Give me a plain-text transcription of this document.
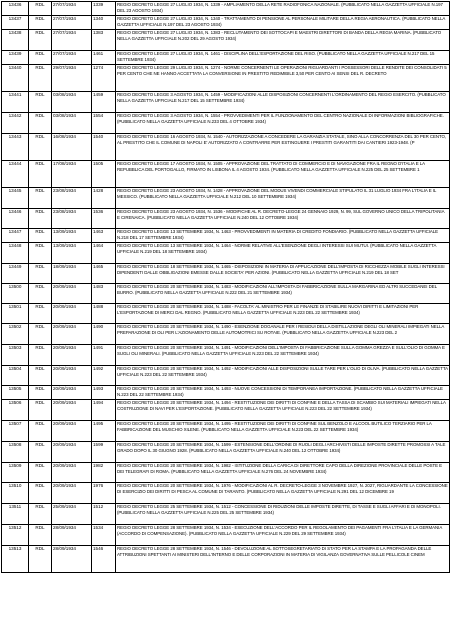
13436	RDL	27/07/1934	1339	REGIO DECRETO LEGGE 27 LUGLIO 1934, N. 1339 - AMPLIAMENTO DELLA RETE RADIOFONICA NAZIONALE. (PUBBLICATO NELLA GAZZETTA UFFICIALE N.197 DEL 23 AGOSTO 1934)
13437	RDL	27/07/1934	1340	REGIO DECRETO LEGGE 27 LUGLIO 1934, N. 1340 - TRATTAMENTO DI PENSIONE AL PERSONALE MILITARE DELLA REGIA AERONAUTICA. (PUBBLICATO NELLA GAZZETTA UFFICIALE N.197 DEL 23 AGOSTO 1934)
13438	RDL	27/07/1934	1383	REGIO DECRETO LEGGE 27 LUGLIO 1934, N. 1383 - RECLUTAMENTO DEI SOTTOCAPI E MAESTRI DIRETTORI DI BANDA DELLA REGIA MARINA. (PUBBLICATO NELLA GAZZETTA UFFICIALE N.202 DEL 29 AGOSTO 1934)
13439	RDL	27/07/1934	1461	REGIO DECRETO LEGGE 27 LUGLIO 1934, N. 1461 - DISCIPLINA DELL'ESPORTAZIONE DEL RISO. (PUBBLICATO NELLA GAZZETTA UFFICIALE N.217 DEL 15 SETTEMBRE 1934)
13440	RDL	29/07/1934	1274	REGIO DECRETO LEGGE 29 LUGLIO 1934, N. 1274 - NORME CONCERNENTI LE OPERAZIONI RIGUARDANTI I POSSESSORI DELLE RENDITE DEI CONSOLIDATI 5 PER CENTO CHE NE HANNO ACCETTATA LA CONVERSIONE IN PRESTITO REDIMIBILE 3,50 PER CENTO AI SENSI DEL R. DECRETO
13441	RDL	03/08/1934	1459	REGIO DECRETO LEGGE 3 AGOSTO 1934, N. 1459 - MODIFICAZIONI ALLE DISPOSIZIONI CONCERNENTI L'ORDINAMENTO DEL REGIO ESERCITO. (PUBBLICATO NELLA GAZZETTA UFFICIALE N.217 DEL 15 SETTEMBRE 1934)
13442	RDL	03/08/1934	1554	REGIO DECRETO LEGGE 3 AGOSTO 1934, N. 1554 - PROVVEDIMENTI PER IL FUNZIONAMENTO DEL CENTRO NAZIONALE DI INFORMAZIONI BIBLIOGRAFICHE. (PUBBLICATO NELLA GAZZETTA UFFICIALE N.233 DEL 4 OTTOBRE 1934)
13443	RDL	16/08/1934	1540	REGIO DECRETO LEGGE 16 AGOSTO 1934, N. 1540 - AUTORIZZAZIONE A CONCEDERE LA GARANZIA STATALE, SINO ALLA CONCORRENZA DEL 30 PER CENTO, AL PRESTITO CHE IL COMUNE DI NAPOLI E' AUTORIZZATO A CONTRARRE PER ESTINGUERE I PRESTITI GARANTITI DAI CANTIERI 1923-1948. (P
13444	RDL	17/08/1934	1505	REGIO DECRETO LEGGE 17 AGOSTO 1934, N. 1505 - APPROVAZIONE DEL TRATTATO DI COMMERCIO E DI NAVIGAZIONE FRA IL REGNO D'ITALIA E LA REPUBBLICA DEL PORTOGALLO, FIRMATO IN LISBONA IL 4 AGOSTO 1934. (PUBBLICATO NELLA GAZZETTA UFFICIALE N.225 DEL 25 SETTEMBRE 1
13445	RDL	23/08/1934	1428	REGIO DECRETO LEGGE 23 AGOSTO 1934, N. 1428 - APPROVAZIONE DEL MODUS VIVENDI COMMERCIALE STIPULATO IL 31 LUGLIO 1934 FRA L'ITALIA E IL MESSICO. (PUBBLICATO NELLA GAZZETTA UFFICIALE N.212 DEL 10 SETTEMBRE 1934)
13446	RDL	23/08/1934	1536	REGIO DECRETO LEGGE 23 AGOSTO 1934, N. 1536 - MODIFICHE AL R. DECRETO-LEGGE 24 GENNAIO 1929, N. 99, SUL GOVERNO UNICO DELLA TRIPOLITANIA E CIRENAICA. (PUBBLICATO NELLA GAZZETTA UFFICIALE N.240 DEL 12 OTTOBRE 1934)
13447	RDL	13/09/1934	1463	REGIO DECRETO LEGGE 13 SETTEMBRE 1934, N. 1463 - PROVVEDIMENTI IN MATERIA DI CREDITO FONDIARIO. (PUBBLICATO NELLA GAZZETTA UFFICIALE N.218 DEL 17 SETTEMBRE 1934)
13448	RDL	13/09/1934	1464	REGIO DECRETO LEGGE 13 SETTEMBRE 1934, N. 1464 - NORME RELATIVE ALL'ESENZIONE DEGLI INTERESSI SUI MUTUI. (PUBBLICATO NELLA GAZZETTA UFFICIALE N.219 DEL 18 SETTEMBRE 1934)
13449	RDL	18/09/1934	1465	REGIO DECRETO LEGGE 18 SETTEMBRE 1934, N. 1465 - DISPOSIZIONI IN MATERIA DI APPLICAZIONE DELL'IMPOSTA DI RICCHEZZA MOBILE SUGLI INTERESSI DIPENDENTI DALLE OBBLIGAZIONI EMESSE DALLE SOCIETA' PER AZIONI. (PUBBLICATO NELLA GAZZETTA UFFICIALE N.219 DEL 18 SET
13500	RDL	20/09/1934	1483	REGIO DECRETO LEGGE 20 SETTEMBRE 1934, N. 1483 - MODIFICAZIONI ALL'IMPOSTA DI FABBRICAZIONE SULLA MARGARINA ED ALTRI SUCCEDANEI DEL BURRO. (PUBBLICATO NELLA GAZZETTA UFFICIALE N.222 DEL 21 SETTEMBRE 1934)
13501	RDL	20/09/1934	1488	REGIO DECRETO LEGGE 20 SETTEMBRE 1934, N. 1488 - FACOLTA' AL MINISTRO PER LE FINANZE DI STABILIRE NUOVI DIRITTI E LIMITAZIONI PER L'ESPORTAZIONE DI MERCI DAL REGNO. (PUBBLICATO NELLA GAZZETTA UFFICIALE N.223 DEL 22 SETTEMBRE 1934)
13502	RDL	20/09/1934	1490	REGIO DECRETO LEGGE 20 SETTEMBRE 1934, N. 1490 - ESENZIONE DOGANALE PER I RESIDUI DELLA DISTILLAZIONE DEGLI OLI MINERALI IMPIEGATI NELLA PREPARAZIONE DI OLI PER L'AZIONAMENTO DELLE AUTOMOTRICI SU ROTAIE. (PUBBLICATO NELLA GAZZETTA UFFICIALE N.223 DEL 2
13503	RDL	20/09/1934	1491	REGIO DECRETO LEGGE 20 SETTEMBRE 1934, N. 1491 - MODIFICAZIONI DELL'IMPOSTA DI FABBRICAZIONE SULLA GOMMA GREZZA E SULL'OLIO DI GOMMA E SUGLI OLI MINERALI. (PUBBLICATO NELLA GAZZETTA UFFICIALE N.223 DEL 22 SETTEMBRE 1934)
13504	RDL	20/09/1934	1492	REGIO DECRETO LEGGE 20 SETTEMBRE 1934, N. 1492 - MODIFICAZIONI ALLE DISPOSIZIONI SULLE TARE PER L'OLIO DI OLIVA. (PUBBLICATO NELLA GAZZETTA UFFICIALE N.223 DEL 22 SETTEMBRE 1934)
13505	RDL	20/09/1934	1493	REGIO DECRETO LEGGE 20 SETTEMBRE 1934, N. 1493 - NUOVE CONCESSIONI DI TEMPORANEA IMPORTAZIONE. (PUBBLICATO NELLA GAZZETTA UFFICIALE N.223 DEL 22 SETTEMBRE 1934)
13506	RDL	20/09/1934	1494	REGIO DECRETO LEGGE 20 SETTEMBRE 1934, N. 1494 - RESTITUZIONE DEI DIRITTI DI CONFINE E DELLA TASSA DI SCAMBIO SUI MATERIALI IMPIEGATI NELLA COSTRUZIONE DI NAVI PER L'ESPORTAZIONE. (PUBBLICATO NELLA GAZZETTA UFFICIALE N.223 DEL 22 SETTEMBRE 1934)
13507	RDL	20/09/1934	1495	REGIO DECRETO LEGGE 20 SETTEMBRE 1934, N. 1495 - RESTITUZIONE DEI DIRITTI DI CONFINE SUL BENZOLO E ALCOOL BUTILICO TERZIARIO PER LA FABBRICAZIONE DEL MUSCHIO XILENE. (PUBBLICATO NELLA GAZZETTA UFFICIALE N.223 DEL 22 SETTEMBRE 1934)
13508	RDL	20/09/1934	1599	REGIO DECRETO LEGGE 20 SETTEMBRE 1934, N. 1599 - ESTENSIONE DELL'ORDINE DI RUOLI DEGLI ARCHIVISTI DELLE IMPOSTE DIRETTE PROMOSSI A TALE GRADO DOPO IL 30 GIUGNO 1928. (PUBBLICATO NELLA GAZZETTA UFFICIALE N.240 DEL 12 OTTOBRE 1934)
13509	RDL	20/09/1934	1982	REGIO DECRETO LEGGE 20 SETTEMBRE 1934, N. 1982 - ISTITUZIONE DELLA CARICA DI DIRETTORE CAPO DELLA DIREZIONE PROVINCIALE DELLE POSTE E DEI TELEGRAFI DI ROMA. (PUBBLICATO NELLA GAZZETTA UFFICIALE N.276 DEL 24 NOVEMBRE 1934)
13510	RDL	20/09/1934	1976	REGIO DECRETO LEGGE 20 SETTEMBRE 1934, N. 1976 - MODIFICAZIONI AL R. DECRETO-LEGGE 3 NOVEMBRE 1927, N. 2027, RIGUARDANTE LA CONCESSIONE DI ESERCIZIO DEI DIRITTI DI PESCA AL COMUNE DI TARANTO. (PUBBLICATO NELLA GAZZETTA UFFICIALE N.291 DEL 12 DICEMBRE 19
13511	RDL	25/09/1934	1512	REGIO DECRETO LEGGE 25 SETTEMBRE 1934, N. 1512 - CONCESSIONE DI RIDUZIONI DELLE IMPOSTE DIRETTE, DI TASSE E SUGLI AFFARI E DI MONOPOLI. (PUBBLICATO NELLA GAZZETTA UFFICIALE N.225 DEL 25 SETTEMBRE 1934)
13512	RDL	28/09/1934	1534	REGIO DECRETO LEGGE 28 SETTEMBRE 1934, N. 1534 - ESECUZIONE DELL'ACCORDO PER IL REGOLAMENTO DEI PAGAMENTI FRA L'ITALIA E LA GERMANIA (ACCORDO DI COMPENSAZIONE). (PUBBLICATO NELLA GAZZETTA UFFICIALE N.229 DEL 29 SETTEMBRE 1934)
13513	RDL	28/09/1934	1546	REGIO DECRETO LEGGE 28 SETTEMBRE 1934, N. 1546 - DEVOLUZIONE AL SOTTOSEGRETARIATO DI STATO PER LA STAMPA E LA PROPAGANDA DELLE ATTRIBUZIONI SPETTANTI AI MINISTERI DELL'INTERNO E DELLE CORPORAZIONI IN MATERIA DI VIGILANZA GOVERNATIVA SULLE PELLICOLE CINEM
